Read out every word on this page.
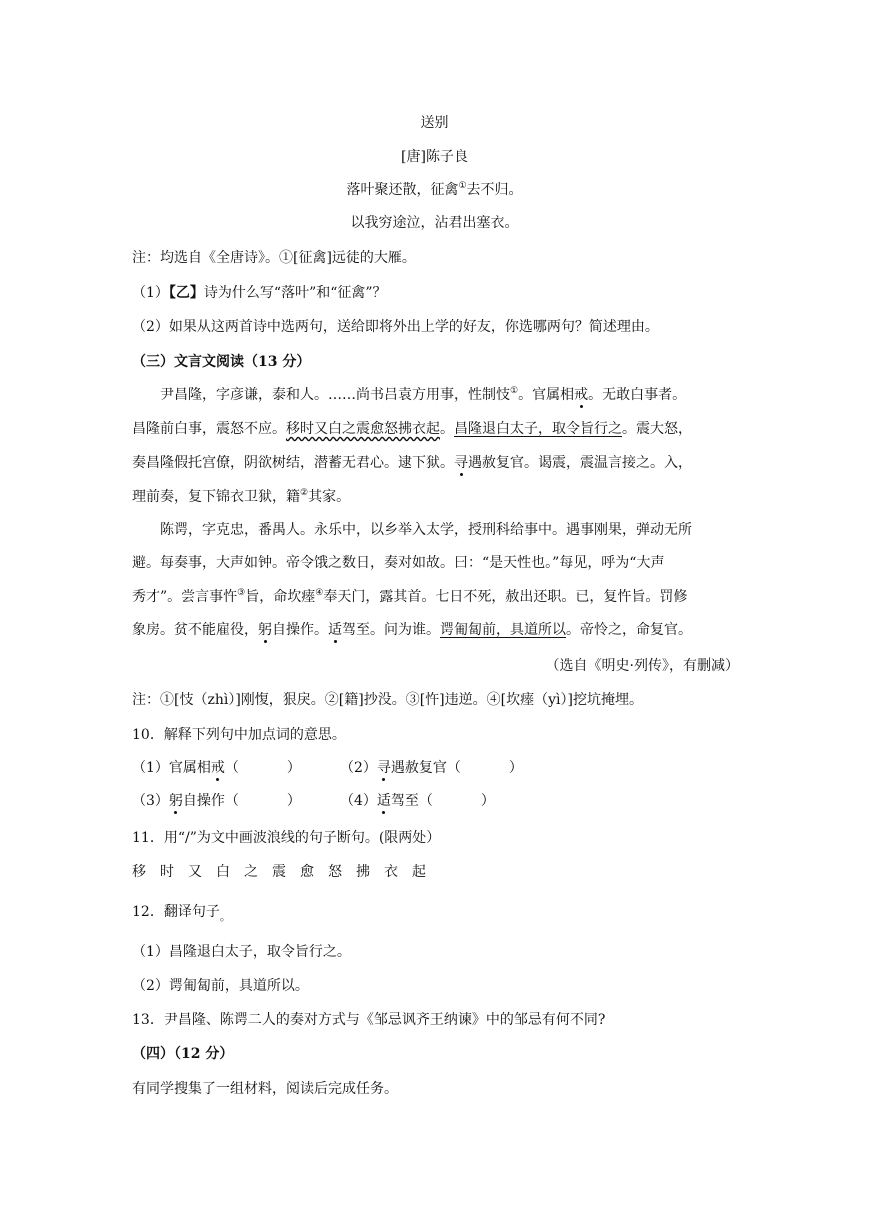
送别
[唐]陈子良
落叶聚还散，征禽①去不归。
以我穷途泣，沾君出塞衣。
注：均选自《全唐诗》。①[征禽]远徒的大雁。
（1）【乙】诗为什么写“落叶”和“征禽”？
（2）如果从这两首诗中选两句，送给即将外出上学的好友，你选哪两句？简述理由。
（三）文言文阅读（13 分）
尹昌隆，字彦谦，泰和人。……尚书吕袁方用事，性制忮①。官属相戒。无敢白事者。
昌隆前白事，震怒不应。移时又白之震愈怒拂衣起。昌隆退白太子，取令旨行之。震大怒，
奏昌隆假托宫僚，阴欲树结，潜蓄无君心。逮下狱。寻遇赦复官。谒震，震温言接之。入，
理前奏，复下锦衣卫狱，籍②其家。
陈谔，字克忠，番禺人。永乐中，以乡举入太学，授刑科给事中。遇事刚果，弹动无所
避。每奏事，大声如钟。帝令饿之数日，奏对如故。曰：“是天性也。”每见，呼为“大声
秀才”。尝言事忤③旨，命坎瘗④奉天门，露其首。七日不死，赦出还职。已，复忤旨。罚修
象房。贫不能雇役，躬自操作。适驾至。问为谁。谔匍匐前，具道所以。帝怜之，命复官。
（选自《明史·列传》，有删减）
注：①[忮（zhì）]刚愎，狠戾。②[籍]抄没。③[忤]违逆。④[坎瘗（yì）]挖坑掩埋。
10．解释下列句中加点词的意思。
（1）官属相戒（	）	（2）寻遇赦复官（	）
（3）躬自操作（	）	（4）适驾至（	）
11．用“/”为文中画波浪线的句子断句。(限两处）
移时又白之震愈怒拂衣起
12．翻译句子$_。$
（1）昌隆退白太子，取令旨行之。
（2）谔匍匐前，具道所以。
13．尹昌隆、陈谔二人的奏对方式与《邹忌讽齐王纳谏》中的邹忌有何不同?
（四）（12 分）
有同学搜集了一组材料，阅读后完成任务。
